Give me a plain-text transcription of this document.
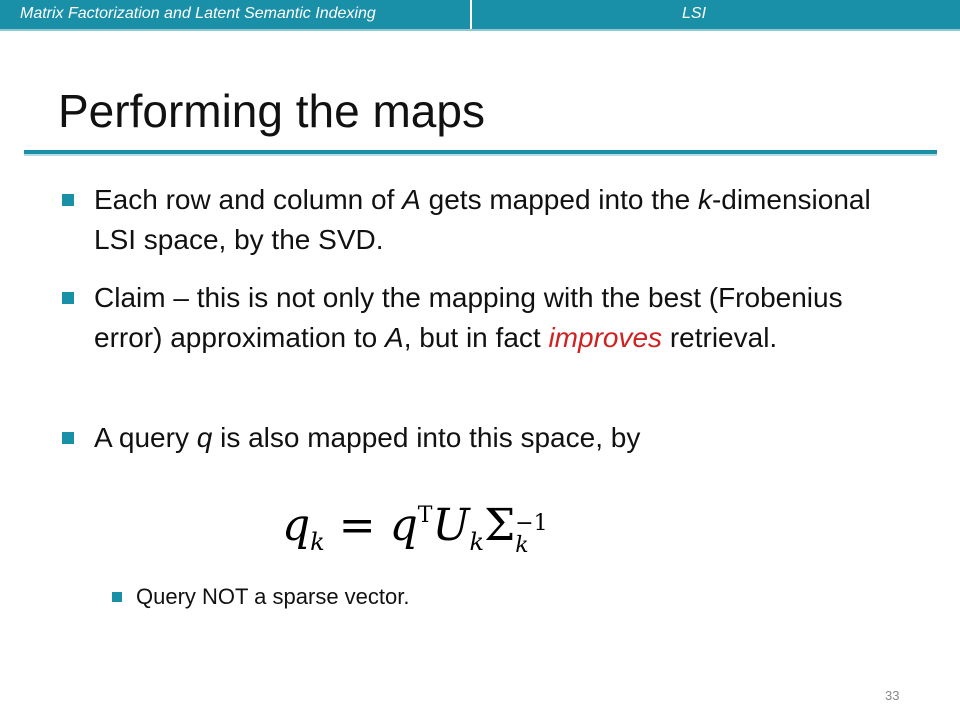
Matrix Factorization and Latent Semantic Indexing	LSI
Performing the maps
Each row and column of A gets mapped into the k-dimensional LSI space, by the SVD.
Claim – this is not only the mapping with the best (Frobenius error) approximation to A, but in fact improves retrieval.
A query q is also mapped into this space, by
$q_k = q^TU_k\Sigma -1$
k
Query NOT a sparse vector.
33
